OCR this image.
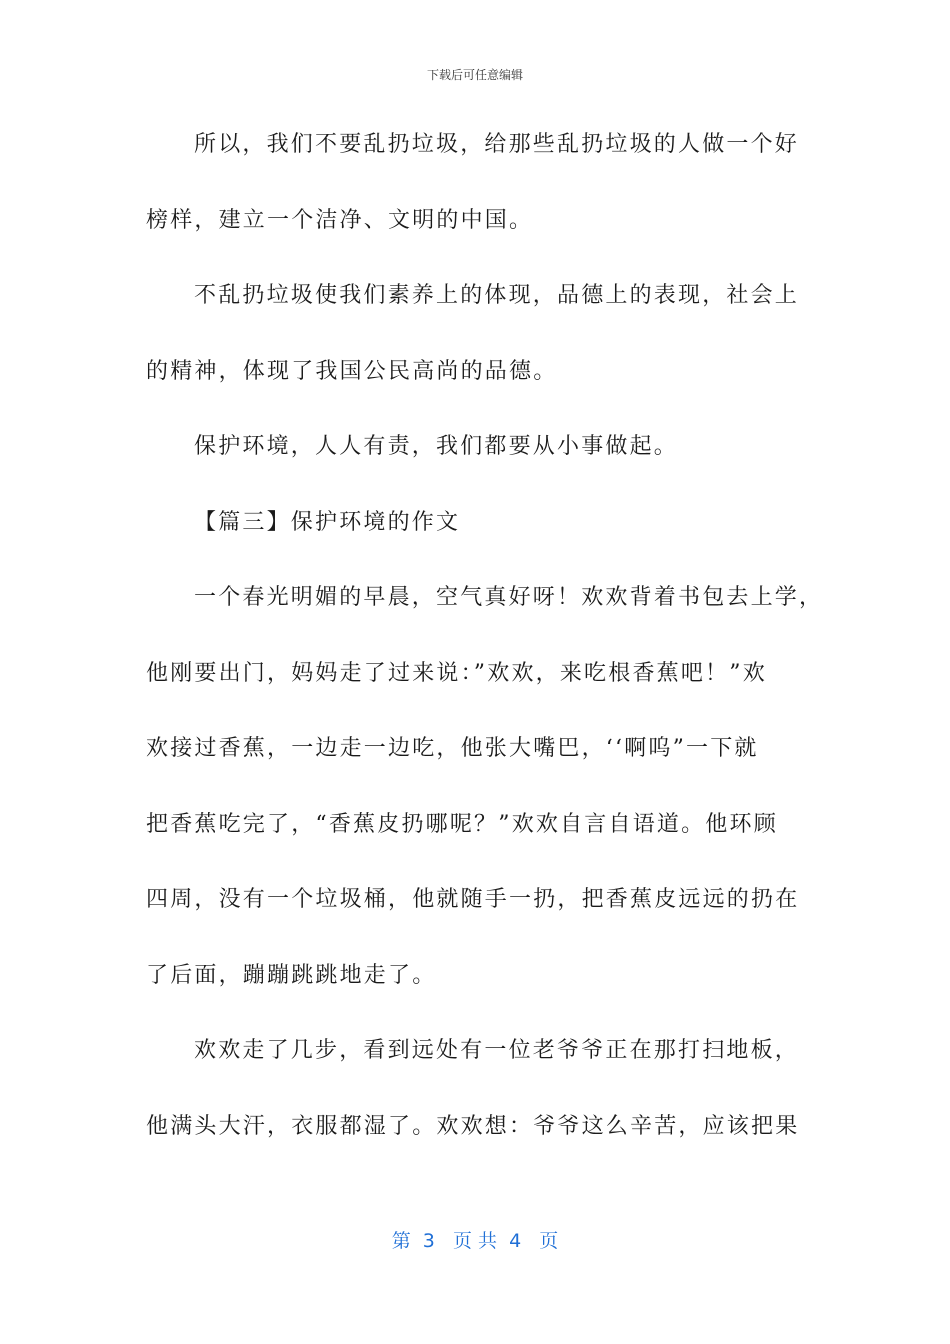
下载后可任意编辑
所以，我们不要乱扔垃圾，给那些乱扔垃圾的人做一个好
榜样，建立一个洁净、文明的中国。
不乱扔垃圾使我们素养上的体现，品德上的表现，社会上
的精神，体现了我国公民高尚的品德。
保护环境，人人有责，我们都要从小事做起。
【篇三】保护环境的作文
一个春光明媚的早晨，空气真好呀！欢欢背着书包去上学，
他刚要出门，妈妈走了过来说：”欢欢，来吃根香蕉吧！”欢
欢接过香蕉，一边走一边吃，他张大嘴巴，‘‘啊呜”一下就
把香蕉吃完了，“香蕉皮扔哪呢？”欢欢自言自语道。他环顾
四周，没有一个垃圾桶，他就随手一扔，把香蕉皮远远的扔在
了后面，蹦蹦跳跳地走了。
欢欢走了几步，看到远处有一位老爷爷正在那打扫地板，
他满头大汗，衣服都湿了。欢欢想：爷爷这么辛苦，应该把果
第  3   页 共  4   页
